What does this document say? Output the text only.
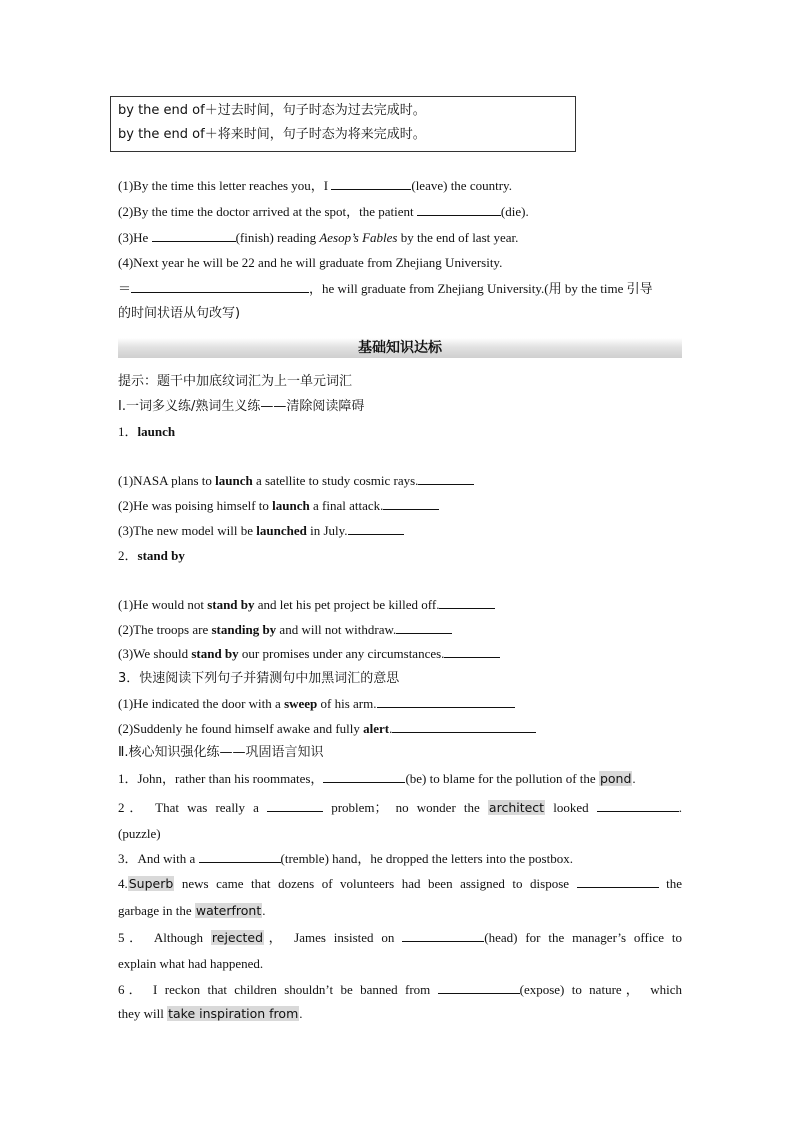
by the end of＋过去时间，句子时态为过去完成时。
by the end of＋将来时间，句子时态为将来完成时。
(1)By the time this letter reaches you，I	(leave) the country.
(2)By the time the doctor arrived at the spot，the patient	(die).
(3)He	(finish) reading Aesop’s Fables by the end of last year.
(4)Next year he will be 22 and he will graduate from Zhejiang University.
＝	，he will graduate from Zhejiang University.(用 by the time 引导
的时间状语从句改写)
基础知识达标
提示：题干中加底纹词汇为上一单元词汇
Ⅰ.一词多义练/熟词生义练——清除阅读障碍
1．launch
(1)NASA plans to launch a satellite to study cosmic rays.
(2)He was poising himself to launch a final attack.
(3)The new model will be launched in July.
2．stand by
(1)He would not stand by and let his pet project be killed off.
(2)The troops are standing by and will not withdraw.
(3)We should stand by our promises under any circumstances.
3．快速阅读下列句子并猜测句中加黑词汇的意思
(1)He indicated the door with a sweep of his arm.
(2)Suddenly he found himself awake and fully alert.
Ⅱ.核心知识强化练——巩固语言知识
1．John，rather than his roommates，	(be) to blame for the pollution of the pond.
2． That was really a	problem； no wonder the architect looked	.
(puzzle)
3．And with a	(tremble) hand，he dropped the letters into the postbox.
4.Superb news came that dozens of volunteers had been assigned to dispose	the
garbage in the waterfront.
5． Although rejected， James insisted on	(head) for the manager’s office to
explain what had happened.
6． I reckon that children shouldn’t be banned from	(expose) to nature， which
they will take inspiration from.
